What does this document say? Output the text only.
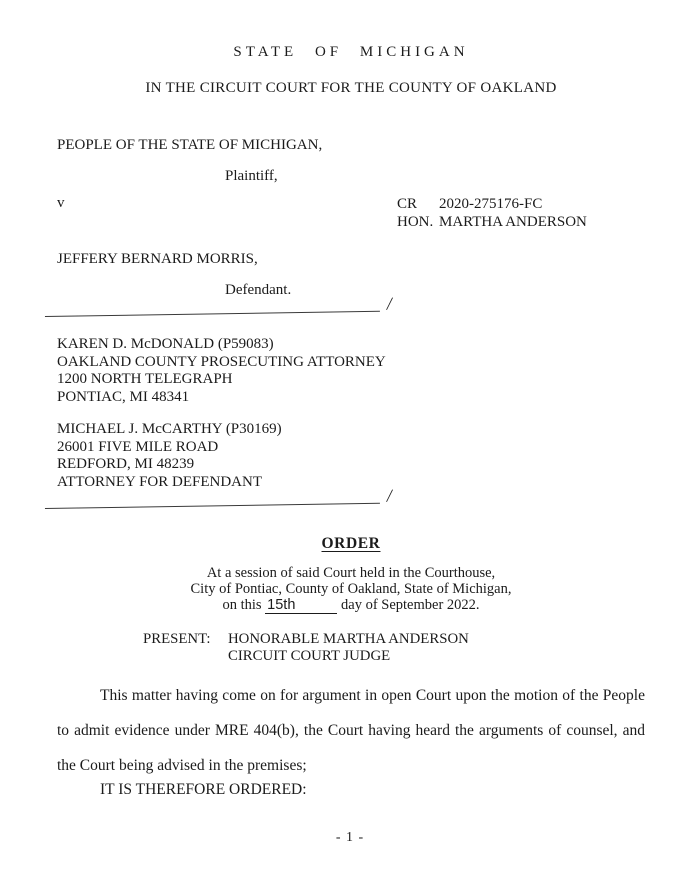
STATE OF MICHIGAN
IN THE CIRCUIT COURT FOR THE COUNTY OF OAKLAND
PEOPLE OF THE STATE OF MICHIGAN,
Plaintiff,
v	CR	2020-275176-FC
HON. MARTHA ANDERSON
JEFFERY BERNARD MORRIS,
Defendant.
/
KAREN D. McDONALD (P59083)
OAKLAND COUNTY PROSECUTING ATTORNEY
1200 NORTH TELEGRAPH
PONTIAC, MI 48341
MICHAEL J. McCARTHY (P30169)
26001 FIVE MILE ROAD
REDFORD, MI 48239
ATTORNEY FOR DEFENDANT
/
ORDER
At a session of said Court held in the Courthouse,
City of Pontiac, County of Oakland, State of Michigan,
on this 15th	day of September 2022.
PRESENT:	HONORABLE MARTHA ANDERSON
CIRCUIT COURT JUDGE
This matter having come on for argument in open Court upon the motion of the People to admit evidence under MRE 404(b), the Court having heard the arguments of counsel, and the Court being advised in the premises;
IT IS THEREFORE ORDERED:
- 1 -
